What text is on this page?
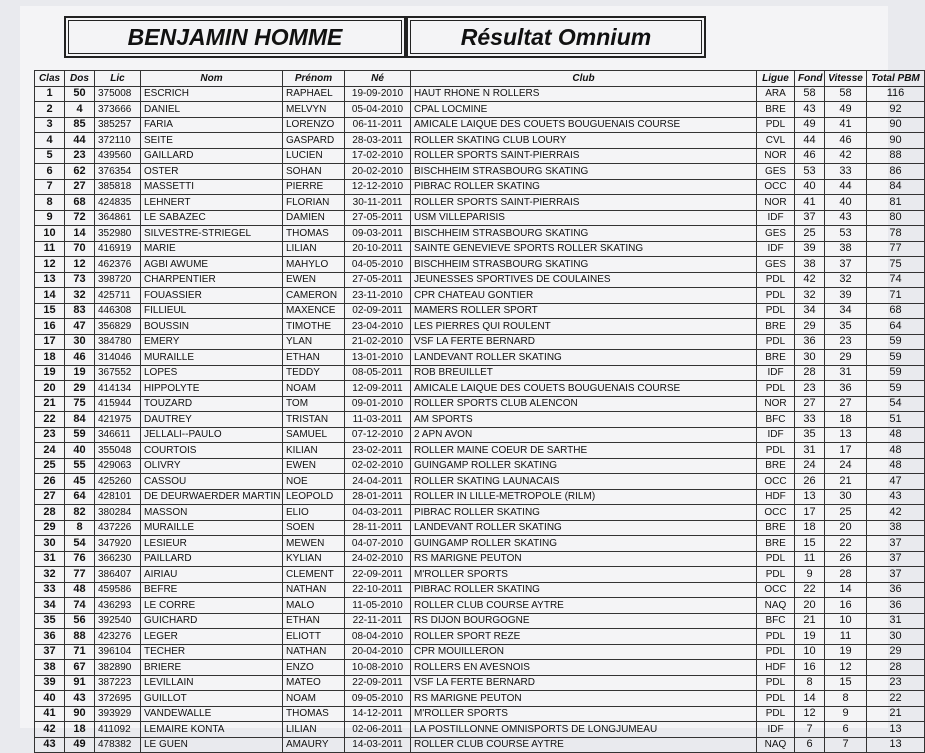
BENJAMIN HOMME	Résultat Omnium
Clas	Dos	Lic	Nom	Prénom	Né	Club	Ligue	Fond	Vitesse	Total PBM
1	50	375008	ESCRICH	RAPHAEL	19-09-2010	HAUT RHONE N ROLLERS	ARA	58	58	116
2	4	373666	DANIEL	MELVYN	05-04-2010	CPAL LOCMINE	BRE	43	49	92
3	85	385257	FARIA	LORENZO	06-11-2011	AMICALE LAIQUE DES COUETS BOUGUENAIS COURSE	PDL	49	41	90
4	44	372110	SEITE	GASPARD	28-03-2011	ROLLER SKATING CLUB LOURY	CVL	44	46	90
5	23	439560	GAILLARD	LUCIEN	17-02-2010	ROLLER SPORTS SAINT-PIERRAIS	NOR	46	42	88
6	62	376354	OSTER	SOHAN	20-02-2010	BISCHHEIM STRASBOURG SKATING	GES	53	33	86
7	27	385818	MASSETTI	PIERRE	12-12-2010	PIBRAC ROLLER SKATING	OCC	40	44	84
8	68	424835	LEHNERT	FLORIAN	30-11-2011	ROLLER SPORTS SAINT-PIERRAIS	NOR	41	40	81
9	72	364861	LE SABAZEC	DAMIEN	27-05-2011	USM VILLEPARISIS	IDF	37	43	80
10	14	352980	SILVESTRE-STRIEGEL	THOMAS	09-03-2011	BISCHHEIM STRASBOURG SKATING	GES	25	53	78
11	70	416919	MARIE	LILIAN	20-10-2011	SAINTE GENEVIEVE SPORTS ROLLER SKATING	IDF	39	38	77
12	12	462376	AGBI AWUME	MAHYLO	04-05-2010	BISCHHEIM STRASBOURG SKATING	GES	38	37	75
13	73	398720	CHARPENTIER	EWEN	27-05-2011	JEUNESSES SPORTIVES DE COULAINES	PDL	42	32	74
14	32	425711	FOUASSIER	CAMERON	23-11-2010	CPR CHATEAU GONTIER	PDL	32	39	71
15	83	446308	FILLIEUL	MAXENCE	02-09-2011	MAMERS ROLLER SPORT	PDL	34	34	68
16	47	356829	BOUSSIN	TIMOTHE	23-04-2010	LES PIERRES QUI ROULENT	BRE	29	35	64
17	30	384780	EMERY	YLAN	21-02-2010	VSF LA FERTE BERNARD	PDL	36	23	59
18	46	314046	MURAILLE	ETHAN	13-01-2010	LANDEVANT ROLLER SKATING	BRE	30	29	59
19	19	367552	LOPES	TEDDY	08-05-2011	ROB BREUILLET	IDF	28	31	59
20	29	414134	HIPPOLYTE	NOAM	12-09-2011	AMICALE LAIQUE DES COUETS BOUGUENAIS COURSE	PDL	23	36	59
21	75	415944	TOUZARD	TOM	09-01-2010	ROLLER SPORTS CLUB ALENCON	NOR	27	27	54
22	84	421975	DAUTREY	TRISTAN	11-03-2011	AM SPORTS	BFC	33	18	51
23	59	346611	JELLALI--PAULO	SAMUEL	07-12-2010	2 APN AVON	IDF	35	13	48
24	40	355048	COURTOIS	KILIAN	23-02-2011	ROLLER MAINE COEUR DE SARTHE	PDL	31	17	48
25	55	429063	OLIVRY	EWEN	02-02-2010	GUINGAMP ROLLER SKATING	BRE	24	24	48
26	45	425260	CASSOU	NOE	24-04-2011	ROLLER SKATING LAUNACAIS	OCC	26	21	47
27	64	428101	DE DEURWAERDER MARTIN	LEOPOLD	28-01-2011	ROLLER IN LILLE-METROPOLE (RILM)	HDF	13	30	43
28	82	380284	MASSON	ELIO	04-03-2011	PIBRAC ROLLER SKATING	OCC	17	25	42
29	8	437226	MURAILLE	SOEN	28-11-2011	LANDEVANT ROLLER SKATING	BRE	18	20	38
30	54	347920	LESIEUR	MEWEN	04-07-2010	GUINGAMP ROLLER SKATING	BRE	15	22	37
31	76	366230	PAILLARD	KYLIAN	24-02-2010	RS MARIGNE PEUTON	PDL	11	26	37
32	77	386407	AIRIAU	CLEMENT	22-09-2011	M'ROLLER SPORTS	PDL	9	28	37
33	48	459586	BEFRE	NATHAN	22-10-2011	PIBRAC ROLLER SKATING	OCC	22	14	36
34	74	436293	LE CORRE	MALO	11-05-2010	ROLLER CLUB COURSE AYTRE	NAQ	20	16	36
35	56	392540	GUICHARD	ETHAN	22-11-2011	RS DIJON BOURGOGNE	BFC	21	10	31
36	88	423276	LEGER	ELIOTT	08-04-2010	ROLLER SPORT REZE	PDL	19	11	30
37	71	396104	TECHER	NATHAN	20-04-2010	CPR MOUILLERON	PDL	10	19	29
38	67	382890	BRIERE	ENZO	10-08-2010	ROLLERS EN AVESNOIS	HDF	16	12	28
39	91	387223	LEVILLAIN	MATEO	22-09-2011	VSF LA FERTE BERNARD	PDL	8	15	23
40	43	372695	GUILLOT	NOAM	09-05-2010	RS MARIGNE PEUTON	PDL	14	8	22
41	90	393929	VANDEWALLE	THOMAS	14-12-2011	M'ROLLER SPORTS	PDL	12	9	21
42	18	411092	LEMAIRE KONTA	LILIAN	02-06-2011	LA POSTILLONNE OMNISPORTS DE LONGJUMEAU	IDF	7	6	13
43	49	478382	LE GUEN	AMAURY	14-03-2011	ROLLER CLUB COURSE AYTRE	NAQ	6	7	13
